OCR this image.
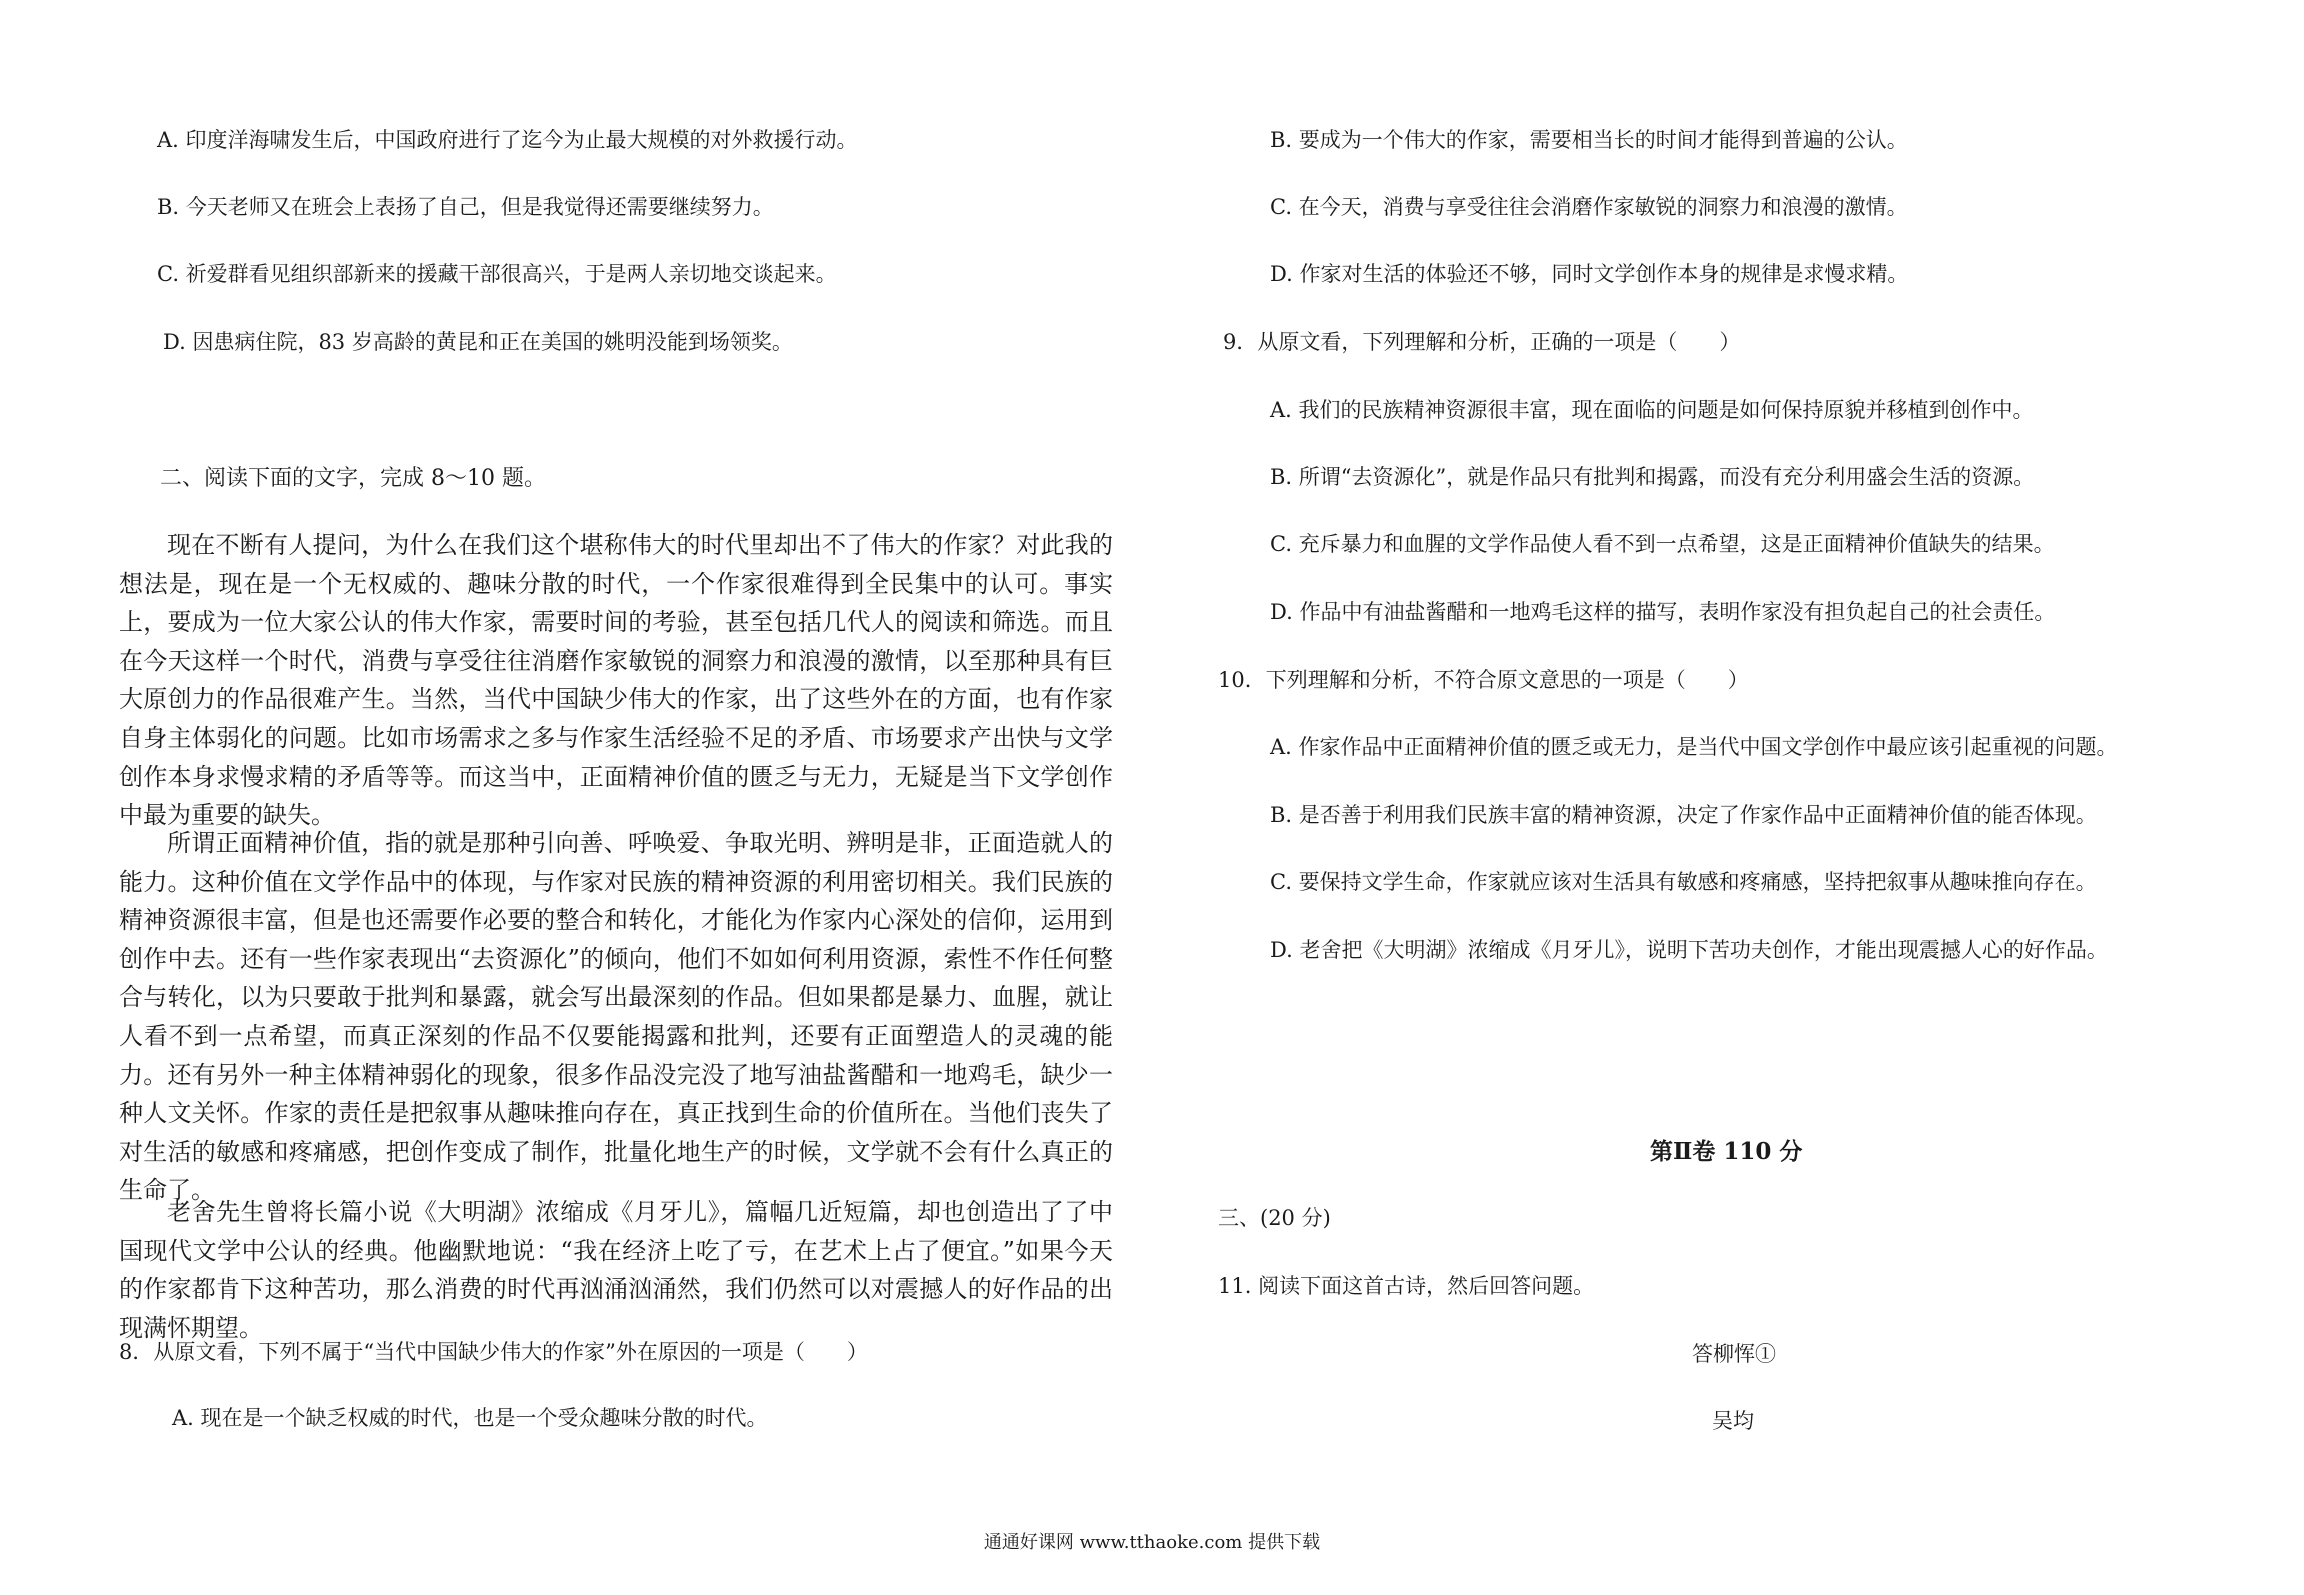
A. 印度洋海啸发生后，中国政府进行了迄今为止最大规模的对外救援行动。
B. 今天老师又在班会上表扬了自己，但是我觉得还需要继续努力。
C. 祈爱群看见组织部新来的援藏干部很高兴，于是两人亲切地交谈起来。
D. 因患病住院，83 岁高龄的黄昆和正在美国的姚明没能到场领奖。
二、阅读下面的文字，完成 8～10 题。

现在不断有人提问，为什么在我们这个堪称伟大的时代里却出不了伟大的作家？对此我的想法是，现在是一个无权威的、趣味分散的时代，一个作家很难得到全民集中的认可。事实上，要成为一位大家公认的伟大作家，需要时间的考验，甚至包括几代人的阅读和筛选。而且在今天这样一个时代，消费与享受往往消磨作家敏锐的洞察力和浪漫的激情，以至那种具有巨大原创力的作品很难产生。当然，当代中国缺少伟大的作家，出了这些外在的方面，也有作家自身主体弱化的问题。比如市场需求之多与作家生活经验不足的矛盾、市场要求产出快与文学创作本身求慢求精的矛盾等等。而这当中，正面精神价值的匮乏与无力，无疑是当下文学创作中最为重要的缺失。

所谓正面精神价值，指的就是那种引向善、呼唤爱、争取光明、辨明是非，正面造就人的能力。这种价值在文学作品中的体现，与作家对民族的精神资源的利用密切相关。我们民族的精神资源很丰富，但是也还需要作必要的整合和转化，才能化为作家内心深处的信仰，运用到创作中去。还有一些作家表现出“去资源化”的倾向，他们不如如何利用资源，索性不作任何整合与转化，以为只要敢于批判和暴露，就会写出最深刻的作品。但如果都是暴力、血腥，就让人看不到一点希望，而真正深刻的作品不仅要能揭露和批判，还要有正面塑造人的灵魂的能力。还有另外一种主体精神弱化的现象，很多作品没完没了地写油盐酱醋和一地鸡毛，缺少一种人文关怀。作家的责任是把叙事从趣味推向存在，真正找到生命的价值所在。当他们丧失了对生活的敏感和疼痛感，把创作变成了制作，批量化地生产的时候，文学就不会有什么真正的生命了。

老舍先生曾将长篇小说《大明湖》浓缩成《月牙儿》，篇幅几近短篇，却也创造出了了中国现代文学中公认的经典。他幽默地说：“我在经济上吃了亏，在艺术上占了便宜。”如果今天的作家都肯下这种苦功，那么消费的时代再汹涌汹涌然，我们仍然可以对震撼人的好作品的出现满怀期望。

8．从原文看，下列不属于“当代中国缺少伟大的作家”外在原因的一项是（　　）
A. 现在是一个缺乏权威的时代，也是一个受众趣味分散的时代。
B. 要成为一个伟大的作家，需要相当长的时间才能得到普遍的公认。
C. 在今天，消费与享受往往会消磨作家敏锐的洞察力和浪漫的激情。
D. 作家对生活的体验还不够，同时文学创作本身的规律是求慢求精。
9．从原文看，下列理解和分析，正确的一项是（　　）
A. 我们的民族精神资源很丰富，现在面临的问题是如何保持原貌并移植到创作中。
B. 所谓“去资源化”，就是作品只有批判和揭露，而没有充分利用盛会生活的资源。
C. 充斥暴力和血腥的文学作品使人看不到一点希望，这是正面精神价值缺失的结果。
D. 作品中有油盐酱醋和一地鸡毛这样的描写，表明作家没有担负起自己的社会责任。
10．下列理解和分析，不符合原文意思的一项是（　　）
A. 作家作品中正面精神价值的匮乏或无力，是当代中国文学创作中最应该引起重视的问题。
B. 是否善于利用我们民族丰富的精神资源，决定了作家作品中正面精神价值的能否体现。
C. 要保持文学生命，作家就应该对生活具有敏感和疼痛感，坚持把叙事从趣味推向存在。
D. 老舍把《大明湖》浓缩成《月牙儿》，说明下苦功夫创作，才能出现震撼人心的好作品。
第Ⅱ卷 110 分
三、(20 分)
11. 阅读下面这首古诗，然后回答问题。
答柳恽①
吴均
通通好课网 www.tthaoke.com 提供下载
